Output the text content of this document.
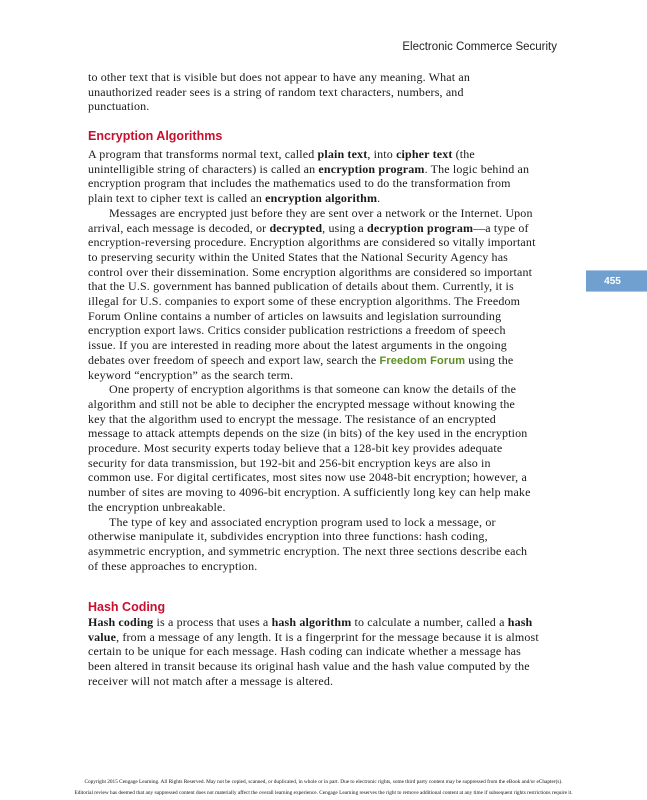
Electronic Commerce Security
455
to other text that is visible but does not appear to have any meaning. What an
unauthorized reader sees is a string of random text characters, numbers, and
punctuation.
Encryption Algorithms
A program that transforms normal text, called plain text, into cipher text (the
unintelligible string of characters) is called an encryption program. The logic behind an
encryption program that includes the mathematics used to do the transformation from
plain text to cipher text is called an encryption algorithm.
Messages are encrypted just before they are sent over a network or the Internet. Upon
arrival, each message is decoded, or decrypted, using a decryption program—a type of
encryption-reversing procedure. Encryption algorithms are considered so vitally important
to preserving security within the United States that the National Security Agency has
control over their dissemination. Some encryption algorithms are considered so important
that the U.S. government has banned publication of details about them. Currently, it is
illegal for U.S. companies to export some of these encryption algorithms. The Freedom
Forum Online contains a number of articles on lawsuits and legislation surrounding
encryption export laws. Critics consider publication restrictions a freedom of speech
issue. If you are interested in reading more about the latest arguments in the ongoing
debates over freedom of speech and export law, search the Freedom Forum using the
keyword “encryption” as the search term.
One property of encryption algorithms is that someone can know the details of the
algorithm and still not be able to decipher the encrypted message without knowing the
key that the algorithm used to encrypt the message. The resistance of an encrypted
message to attack attempts depends on the size (in bits) of the key used in the encryption
procedure. Most security experts today believe that a 128-bit key provides adequate
security for data transmission, but 192-bit and 256-bit encryption keys are also in
common use. For digital certificates, most sites now use 2048-bit encryption; however, a
number of sites are moving to 4096-bit encryption. A sufficiently long key can help make
the encryption unbreakable.
The type of key and associated encryption program used to lock a message, or
otherwise manipulate it, subdivides encryption into three functions: hash coding,
asymmetric encryption, and symmetric encryption. The next three sections describe each
of these approaches to encryption.
Hash Coding
Hash coding is a process that uses a hash algorithm to calculate a number, called a hash
value, from a message of any length. It is a fingerprint for the message because it is almost
certain to be unique for each message. Hash coding can indicate whether a message has
been altered in transit because its original hash value and the hash value computed by the
receiver will not match after a message is altered.
Copyright 2015 Cengage Learning. All Rights Reserved. May not be copied, scanned, or duplicated, in whole or in part. Due to electronic rights, some third party content may be suppressed from the eBook and/or eChapter(s).
Editorial review has deemed that any suppressed content does not materially affect the overall learning experience. Cengage Learning reserves the right to remove additional content at any time if subsequent rights restrictions require it.
